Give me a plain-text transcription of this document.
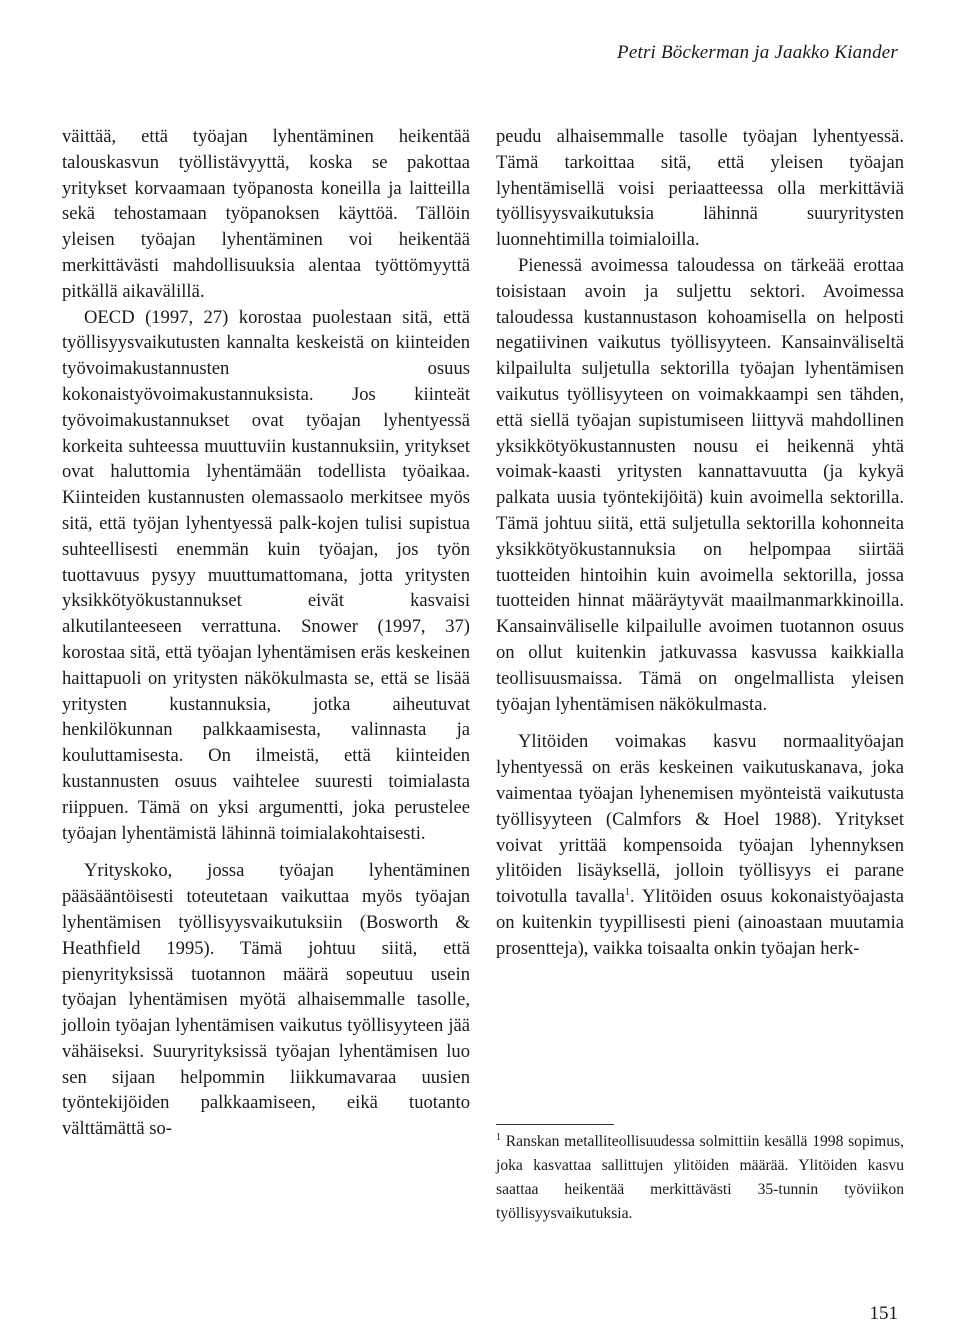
Petri Böckerman ja Jaakko Kiander

väittää, että työajan lyhentäminen heikentää talouskasvun työllistävyyttä, koska se pakottaa yritykset korvaamaan työpanosta koneilla ja laitteilla sekä tehostamaan työpanoksen käyttöä. Tällöin yleisen työajan lyhentäminen voi heikentää merkittävästi mahdollisuuksia alentaa työttömyyttä pitkällä aikavälillä.

OECD (1997, 27) korostaa puolestaan sitä, että työllisyysvaikutusten kannalta keskeistä on kiinteiden työvoimakustannusten osuus kokonaistyövoimakustannuksista. Jos kiinteät työvoimakustannukset ovat työajan lyhentyessä korkeita suhteessa muuttuviin kustannuksiin, yritykset ovat haluttomia lyhentämään todellista työaikaa. Kiinteiden kustannusten olemassaolo merkitsee myös sitä, että työjan lyhentyessä palk-kojen tulisi supistua suhteellisesti enemmän kuin työajan, jos työn tuottavuus pysyy muuttumattomana, jotta yritysten yksikkötyökustannukset eivät kasvaisi alkutilanteeseen verrattuna. Snower (1997, 37) korostaa sitä, että työajan lyhentämisen eräs keskeinen haittapuoli on yritysten näkökulmasta se, että se lisää yritysten kustannuksia, jotka aiheutuvat henkilökunnan palkkaamisesta, valinnasta ja kouluttamisesta. On ilmeistä, että kiinteiden kustannusten osuus vaihtelee suuresti toimialasta riippuen. Tämä on yksi argumentti, joka perustelee työajan lyhentämistä lähinnä toimialakohtaisesti.

Yrityskoko, jossa työajan lyhentäminen pääsääntöisesti toteutetaan vaikuttaa myös työajan lyhentämisen työllisyysvaikutuksiin (Bosworth & Heathfield 1995). Tämä johtuu siitä, että pienyrityksissä tuotannon määrä sopeutuu usein työajan lyhentämisen myötä alhaisemmalle tasolle, jolloin työajan lyhentämisen vaikutus työllisyyteen jää vähäiseksi. Suuryrityksissä työajan lyhentämisen luo sen sijaan helpommin liikkumavaraa uusien työntekijöiden palkkaamiseen, eikä tuotanto välttämättä so-

peudu alhaisemmalle tasolle työajan lyhentyessä. Tämä tarkoittaa sitä, että yleisen työajan lyhentämisellä voisi periaatteessa olla merkittäviä työllisyysvaikutuksia lähinnä suuryritysten luonnehtimilla toimialoilla.

Pienessä avoimessa taloudessa on tärkeää erottaa toisistaan avoin ja suljettu sektori. Avoimessa taloudessa kustannustason kohoamisella on helposti negatiivinen vaikutus työllisyyteen. Kansainväliseltä kilpailulta suljetulla sektorilla työajan lyhentämisen vaikutus työllisyyteen on voimakkaampi sen tähden, että siellä työajan supistumiseen liittyvä mahdollinen yksikkötyökustannusten nousu ei heikennä yhtä voimak-kaasti yritysten kannattavuutta (ja kykyä palkata uusia työntekijöitä) kuin avoimella sektorilla. Tämä johtuu siitä, että suljetulla sektorilla kohonneita yksikkötyökustannuksia on helpompaa siirtää tuotteiden hintoihin kuin avoimella sektorilla, jossa tuotteiden hinnat määräytyvät maailmanmarkkinoilla. Kansainväliselle kilpailulle avoimen tuotannon osuus on ollut kuitenkin jatkuvassa kasvussa kaikkialla teollisuusmaissa. Tämä on ongelmallista yleisen työajan lyhentämisen näkökulmasta.

Ylitöiden voimakas kasvu normaalityöajan lyhentyessä on eräs keskeinen vaikutuskanava, joka vaimentaa työajan lyhenemisen myönteistä vaikutusta työllisyyteen (Calmfors & Hoel 1988). Yritykset voivat yrittää kompensoida työajan lyhennyksen ylitöiden lisäyksellä, jolloin työllisyys ei parane toivotulla tavalla$^1$. Ylitöiden osuus kokonaistyöajasta on kuitenkin tyypillisesti pieni (ainoastaan muutamia prosentteja), vaikka toisaalta onkin työajan herk-

$^1$ Ranskan metalliteollisuudessa solmittiin kesällä 1998 sopimus, joka kasvattaa sallittujen ylitöiden määrää. Ylitöiden kasvu saattaa heikentää merkittävästi 35-tunnin työviikon työllisyysvaikutuksia.
151
